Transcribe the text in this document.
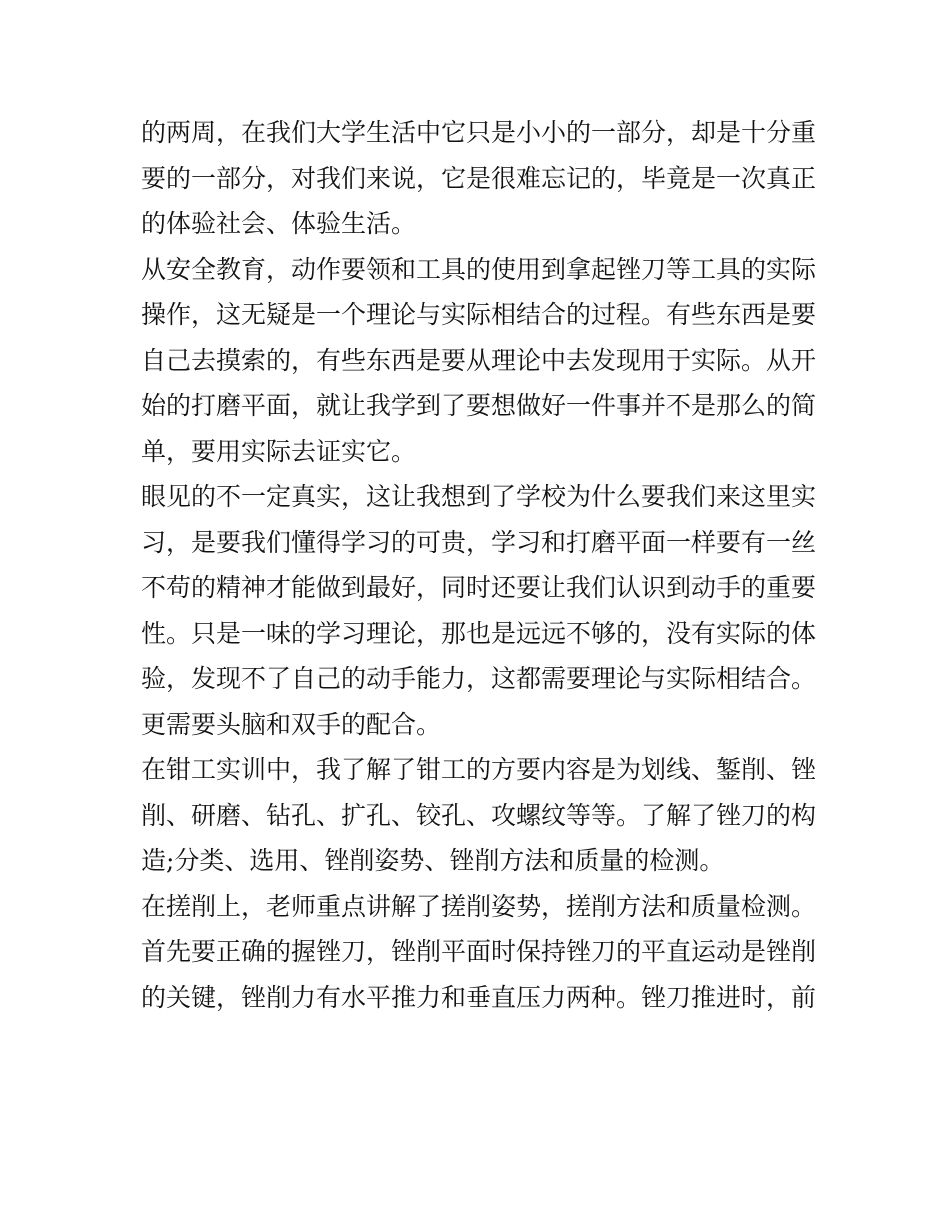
的两周，在我们大学生活中它只是小小的一部分，却是十分重
要的一部分，对我们来说，它是很难忘记的，毕竟是一次真正
的体验社会、体验生活。
从安全教育，动作要领和工具的使用到拿起锉刀等工具的实际
操作，这无疑是一个理论与实际相结合的过程。有些东西是要
自己去摸索的，有些东西是要从理论中去发现用于实际。从开
始的打磨平面，就让我学到了要想做好一件事并不是那么的简
单，要用实际去证实它。
眼见的不一定真实，这让我想到了学校为什么要我们来这里实
习，是要我们懂得学习的可贵，学习和打磨平面一样要有一丝
不苟的精神才能做到最好，同时还要让我们认识到动手的重要
性。只是一味的学习理论，那也是远远不够的，没有实际的体
验，发现不了自己的动手能力，这都需要理论与实际相结合。
更需要头脑和双手的配合。
在钳工实训中，我了解了钳工的方要内容是为划线、錾削、锉
削、研磨、钻孔、扩孔、铰孔、攻螺纹等等。了解了锉刀的构
造;分类、选用、锉削姿势、锉削方法和质量的检测。
在搓削上，老师重点讲解了搓削姿势，搓削方法和质量检测。
首先要正确的握锉刀，锉削平面时保持锉刀的平直运动是锉削
的关键，锉削力有水平推力和垂直压力两种。锉刀推进时，前
